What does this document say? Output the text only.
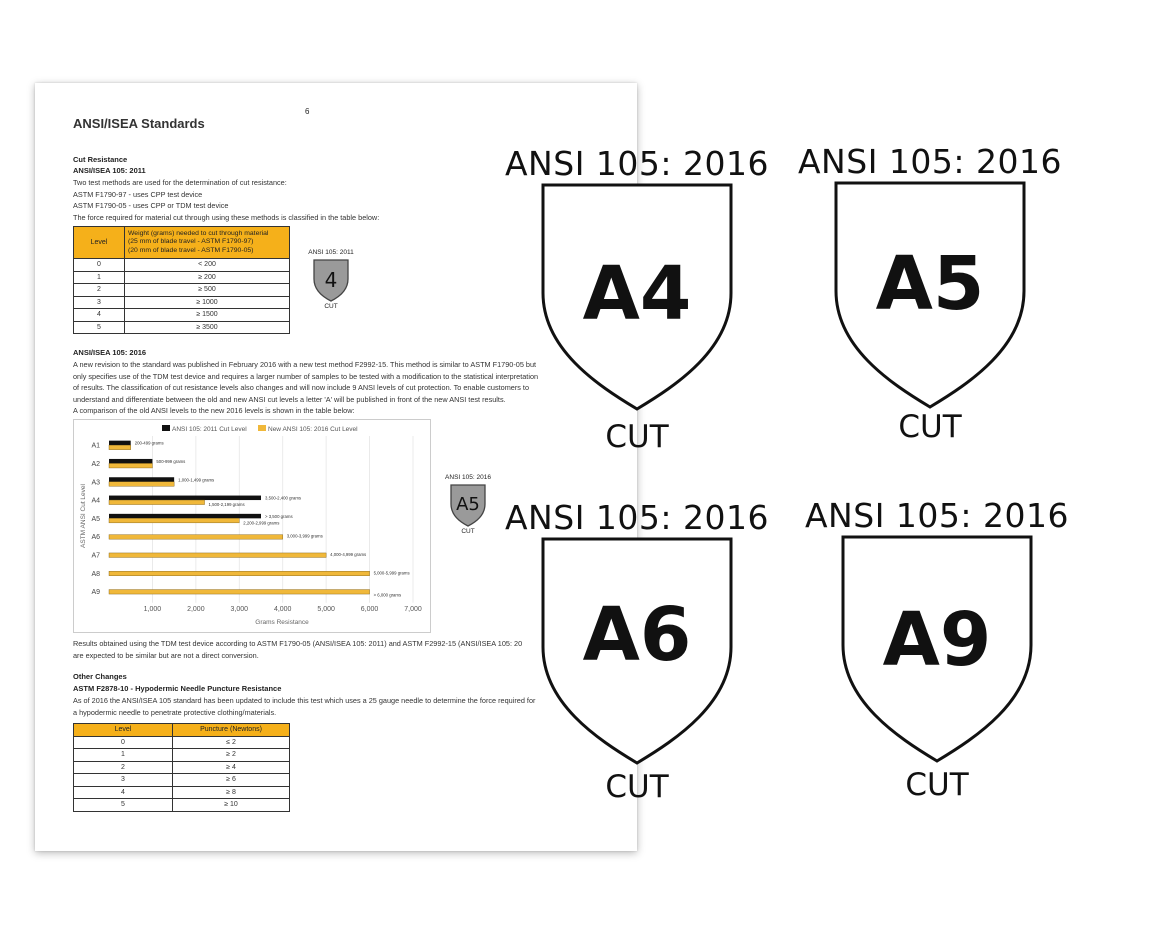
6
ANSI/ISEA Standards
Cut Resistance
ANSI/ISEA 105: 2011
Two test methods are used for the determination of cut resistance:
ASTM F1790-97 - uses CPP test device
ASTM F1790-05 - uses CPP or TDM test device
The force required for material cut through using these methods is classified in the table below:
Level	Weight (grams) needed to cut through material
(25 mm of blade travel - ASTM F1790-97)
(20 mm of blade travel - ASTM F1790-05)

0	< 200
1	≥ 200
2	≥ 500
3	≥ 1000
4	≥ 1500
5	≥ 3500
ANSI 105: 2011
4
CUT
ANSI/ISEA 105: 2016
A new revision to the standard was published in February 2016 with a new test method F2992-15. This method is similar to ASTM F1790-05 but
only specifies use of the TDM test device and requires a larger number of samples to be tested with a modification to the statistical interpretation
of results. The classification of cut resistance levels also changes and will now include 9 ANSI levels of cut protection. To enable customers to
understand and differentiate between the old and new ANSI cut levels a letter 'A' will be published in front of the new ANSI test results.
A comparison of the old ANSI levels to the new 2016 levels is shown in the table below:
ANSI 105: 2011 Cut Level	New ANSI 105: 2016 Cut Level
ASTM ANSI Cut Level
Grams Resistance
1,000	2,000	3,000	4,000	5,000	6,000	7,000
A1	200-499 grams
A2	500-999 grams
A3	1,000-1,499 grams
A4	3,500-2,400 grams
1,500-2,199 grams
A5	> 3,500 grams
2,200-2,999 grams
A6	3,000-3,999 grams
A7	4,000-4,999 grams
A8	5,000-5,999 grams
A9	> 6,000 grams
ANSI 105: 2016
A5
CUT
Results obtained using the TDM test device according to ASTM F1790-05 (ANSI/ISEA 105: 2011) and ASTM F2992-15 (ANSI/ISEA 105: 20
are expected to be similar but are not a direct conversion.
Other Changes
ASTM F2878-10 - Hypodermic Needle Puncture Resistance
As of 2016 the ANSI/ISEA 105 standard has been updated to include this test which uses a 25 gauge needle to determine the force required for
a hypodermic needle to penetrate protective clothing/materials.
Level	Puncture (Newtons)
0	≤ 2
1	≥ 2
2	≥ 4
3	≥ 6
4	≥ 8
5	≥ 10
ANSI 105: 2016
A4
CUT
ANSI 105: 2016
A5
CUT
ANSI 105: 2016
A6
CUT
ANSI 105: 2016
A9
CUT
